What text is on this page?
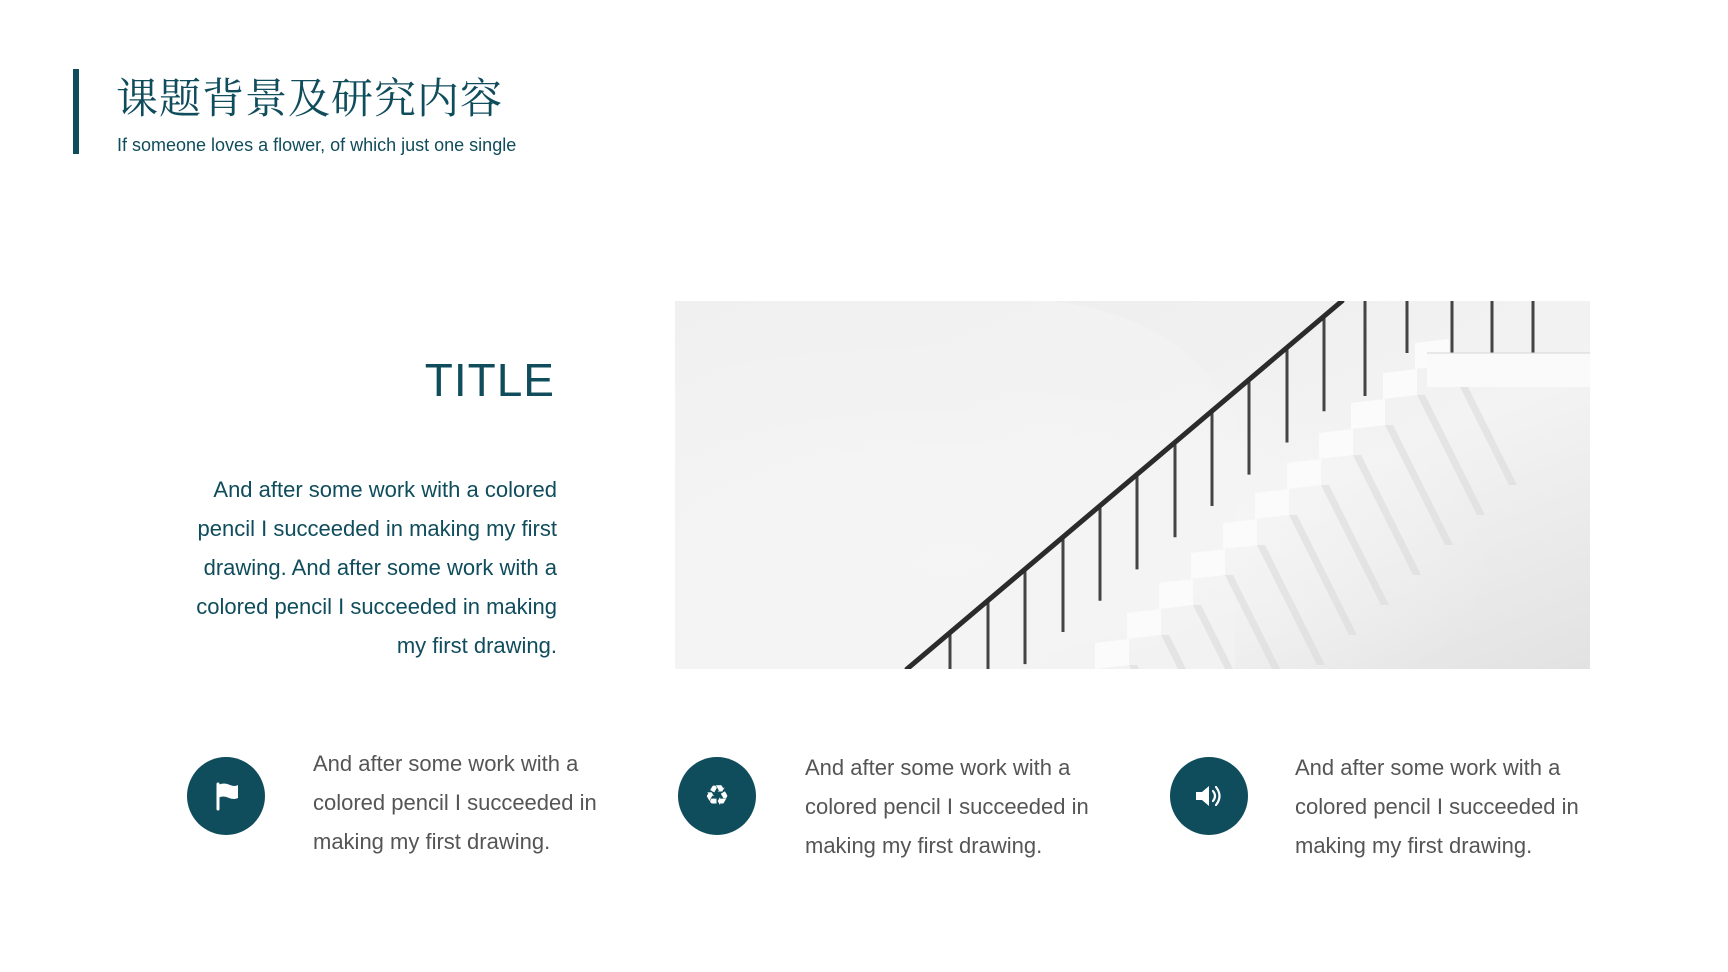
课题背景及研究内容
If someone loves a flower, of which just one single
TITLE
And after some work with a colored pencil I succeeded in making my first drawing. And after some work with a colored pencil I succeeded in making my first drawing.
And after some work with a colored pencil I succeeded in making my first drawing.
♻
And after some work with a colored pencil I succeeded in making my first drawing.
And after some work with a colored pencil I succeeded in making my first drawing.
